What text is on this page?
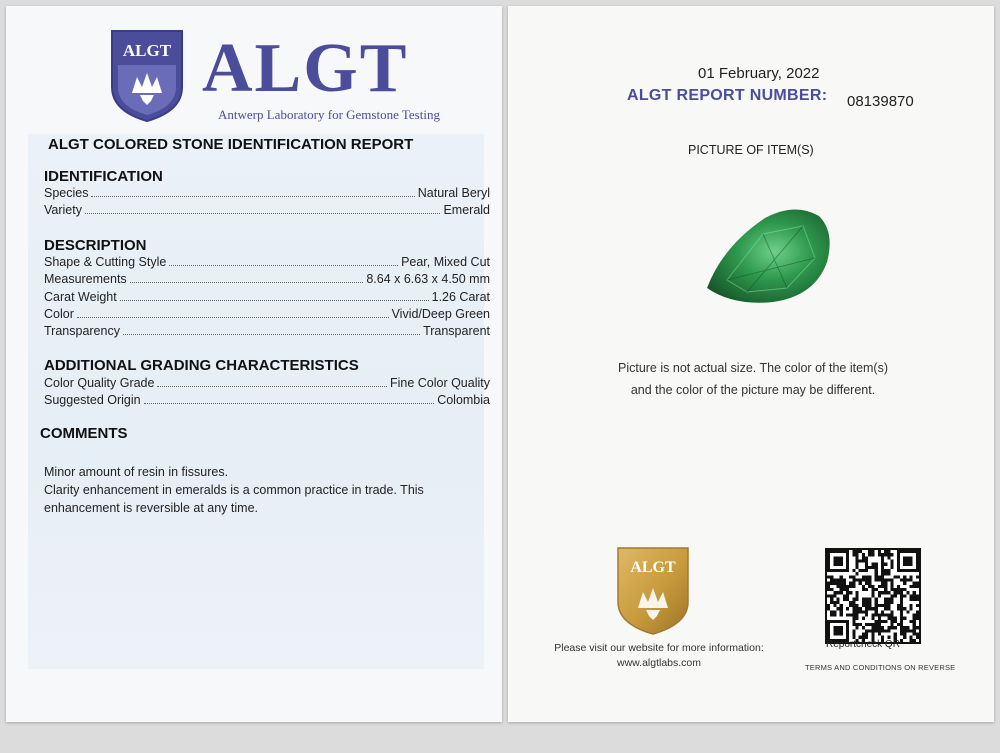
ALGT ALGT
Antwerp Laboratory for Gemstone Testing
ALGT COLORED STONE IDENTIFICATION REPORT
IDENTIFICATION
Species	Natural Beryl
Variety	Emerald
DESCRIPTION
Shape & Cutting Style	Pear, Mixed Cut
Measurements	8.64 x 6.63 x 4.50 mm
Carat Weight	1.26 Carat
Color	Vivid/Deep Green
Transparency	Transparent
ADDITIONAL GRADING CHARACTERISTICS
Color Quality Grade	Fine Color Quality
Suggested Origin	Colombia
COMMENTS
Minor amount of resin in fissures.
Clarity enhancement in emeralds is a common practice in trade. This enhancement is reversible at any time.
01 February, 2022
ALGT REPORT NUMBER: 08139870
PICTURE OF ITEM(S)
Picture is not actual size. The color of the item(s)
and the color of the picture may be different.
ALGT
Please visit our website for more information:
www.algtlabs.com
Reportcheck QR
TERMS AND CONDITIONS ON REVERSE
